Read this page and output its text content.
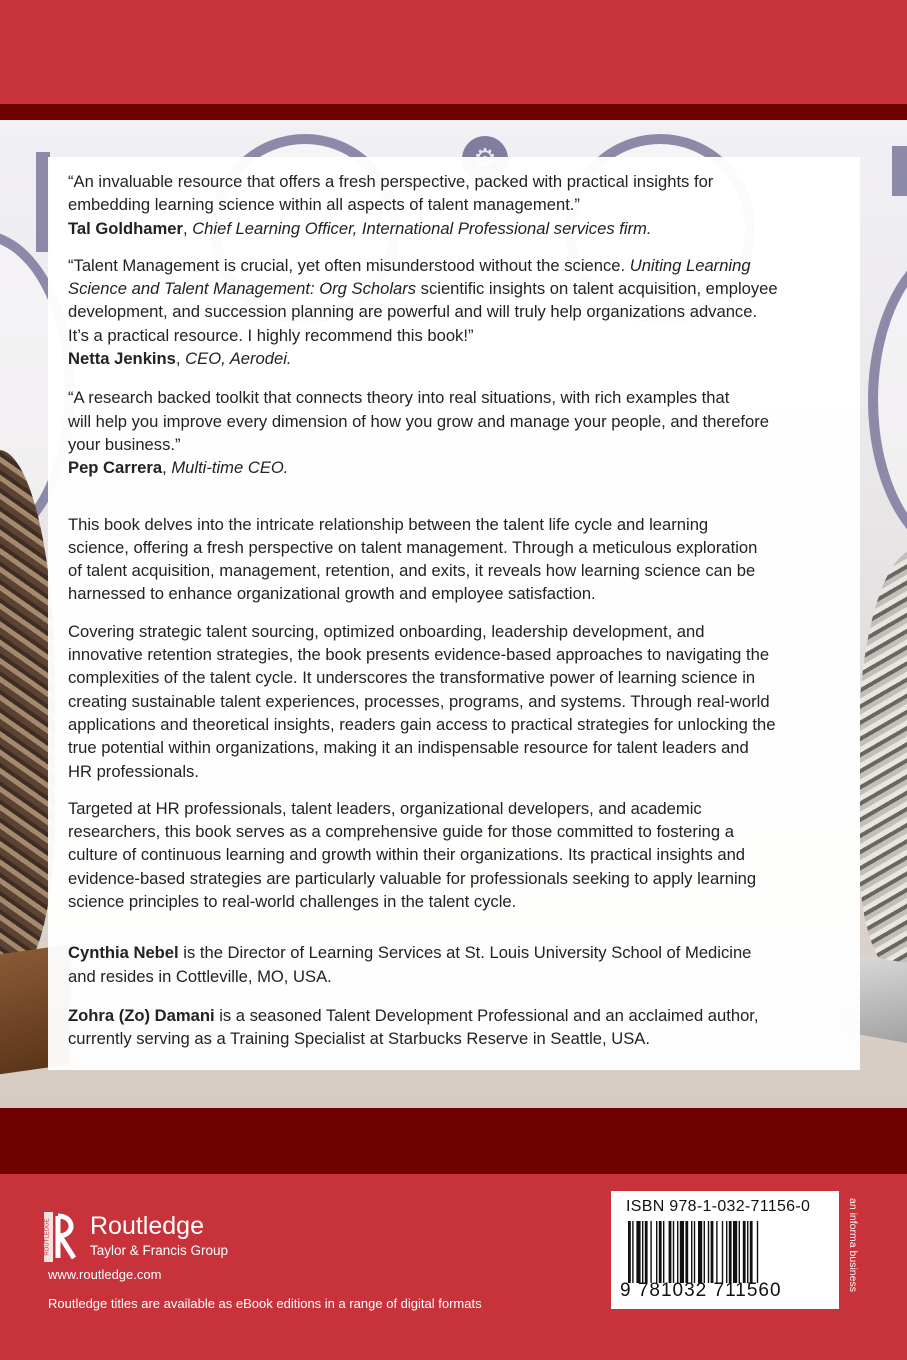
“An invaluable resource that offers a fresh perspective, packed with practical insights for

embedding learning science within all aspects of talent management.”

Tal Goldhamer, Chief Learning Officer, International Professional services firm.

“Talent Management is crucial, yet often misunderstood without the science. Uniting Learning

Science and Talent Management: Org Scholars scientific insights on talent acquisition, employee

development, and succession planning are powerful and will truly help organizations advance.

It’s a practical resource. I highly recommend this book!”

Netta Jenkins, CEO, Aerodei.

“A research backed toolkit that connects theory into real situations, with rich examples that

will help you improve every dimension of how you grow and manage your people, and therefore

your business.”

Pep Carrera, Multi-time CEO.

This book delves into the intricate relationship between the talent life cycle and learning

science, offering a fresh perspective on talent management. Through a meticulous exploration

of talent acquisition, management, retention, and exits, it reveals how learning science can be

harnessed to enhance organizational growth and employee satisfaction.

Covering strategic talent sourcing, optimized onboarding, leadership development, and

innovative retention strategies, the book presents evidence-based approaches to navigating the

complexities of the talent cycle. It underscores the transformative power of learning science in

creating sustainable talent experiences, processes, programs, and systems. Through real-world

applications and theoretical insights, readers gain access to practical strategies for unlocking the

true potential within organizations, making it an indispensable resource for talent leaders and

HR professionals.

Targeted at HR professionals, talent leaders, organizational developers, and academic

researchers, this book serves as a comprehensive guide for those committed to fostering a

culture of continuous learning and growth within their organizations. Its practical insights and

evidence-based strategies are particularly valuable for professionals seeking to apply learning

science principles to real-world challenges in the talent cycle.

Cynthia Nebel is the Director of Learning Services at St. Louis University School of Medicine

and resides in Cottleville, MO, USA.

Zohra (Zo) Damani is a seasoned Talent Development Professional and an acclaimed author,

currently serving as a Training Specialist at Starbucks Reserve in Seattle, USA.

ROUTLEDGE Routledge
Taylor & Francis Group
www.routledge.com
Routledge titles are available as eBook editions in a range of digital formats
ISBN 978-1-032-71156-0
9 781032 711560	an informa business
